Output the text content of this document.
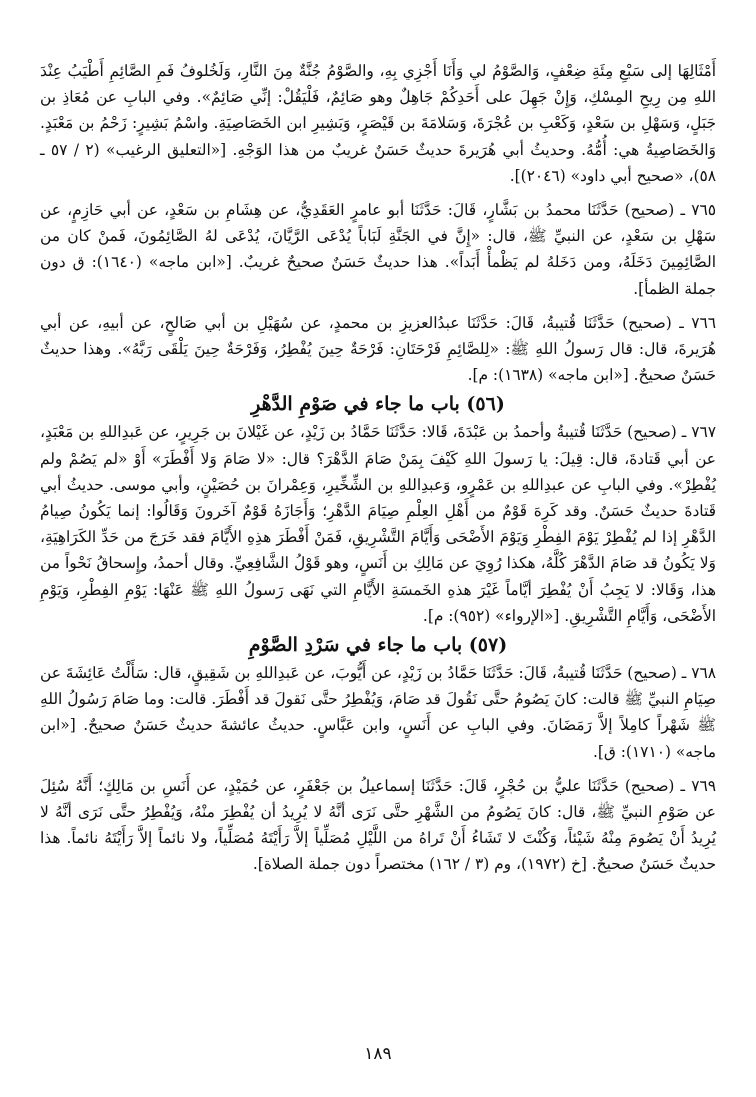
أَمْثَالِهَا إلى سَبْعِ مِئَةِ ضِعْفٍ، وَالصَّوْمُ لي وَأَنَا أَجْزِي بِهِ، والصَّوْمُ جُنَّةٌ مِنَ النَّارِ، وَلَخُلوفُ فَمِ الصَّائِمِ أَطْيَبُ عِنْدَ اللهِ مِن رِيحِ المِسْكِ، وَإِنْ جَهِلَ على أَحَدِكُمْ جَاهِلٌ وهو صَائِمٌ، فَلْيَقُلْ: إنِّي صَائِمٌ». وفي البابِ عن مُعَاذِ بن جَبَلٍ، وَسَهْلِ بن سَعْدٍ، وَكَعْبِ بن عُجْرَةَ، وَسَلامَةَ بن قَيْصَرٍ، وَبَشِيرِ ابن الخَصَاصِيَةِ. واسْمُ بَشِيرٍ: زَحْمُ بن مَعْبَدٍ. وَالخَصَاصِيةُ هي: أُمُّهُ. وحديثُ أبي هُرَيرةَ حديثٌ حَسَنٌ غريبٌ من هذا الوَجْهِ. [«التعليق الرغيب» (٢ / ٥٧ ـ ٥٨)، «صحيح أبي داود» (٢٠٤٦)].

٧٦٥ ـ (صحيح) حَدَّثَنَا محمدُ بن بَشَّارٍ، قَالَ: حَدَّثَنَا أبو عامرٍ العَقَدِيُّ، عن هِشَامِ بن سَعْدٍ، عن أبي حَازِمٍ، عن سَهْلِ بن سَعْدٍ، عن النبيِّ ﷺ، قال: «إِنَّ في الجَنَّةِ لَبَاباً يُدْعَى الرَّيَّانَ، يُدْعَى لهُ الصَّائِمُونَ، فَمنْ كان من الصَّائِمِينَ دَخَلَهُ، ومن دَخَلهُ لم يَظْمأْ أَبَداً». هذا حديثٌ حَسَنٌ صحيحٌ غريبٌ. [«ابن ماجه» (١٦٤٠): ق دون جملة الظمأ].

٧٦٦ ـ (صحيح) حَدَّثَنَا قُتيبةُ، قَالَ: حَدَّثَنَا عبدُالعزيزِ بن محمدٍ، عن سُهَيْلِ بن أبي صَالحٍ، عن أبيهِ، عن أبي هُرَيرةَ، قال: قال رَسولُ اللهِ ﷺ: «لِلصَّائِمِ فَرْحَتَانِ: فَرْحَةٌ حِينَ يُفْطِرُ، وَفَرْحَةٌ حِينَ يَلْقَى رَبَّهُ». وهذا حديثٌ حَسَنٌ صحيحٌ. [«ابن ماجه» (١٦٣٨): م].

(٥٦) باب ما جاء في صَوْمِ الدَّهْرِ

٧٦٧ ـ (صحيح) حَدَّثَنَا قُتيبةُ وأحمدُ بن عَبْدَةَ، قَالا: حَدَّثَنَا حَمَّادُ بن زَيْدٍ، عن غَيْلانَ بن جَرِيرٍ، عن عَبدِاللهِ بن مَعْبَدٍ، عن أبي قَتادةَ، قال: قِيلَ: يا رَسولَ اللهِ كَيْفَ بِمَنْ صَامَ الدَّهْرَ؟ قال: «لا صَامَ وَلا أَفْطَرَ» أَوْ «لم يَصُمْ ولم يُفْطِرْ». وفي البابِ عن عبدِاللهِ بن عَمْرٍو، وَعبدِاللهِ بن الشِّخِّيرِ، وَعِمْرانَ بن حُصَيْنٍ، وأبي موسى. حديثُ أبي قَتادةَ حديثٌ حَسَنٌ. وقد كَرِهَ قَوْمٌ من أَهْلِ العِلْمِ صِيَامَ الدَّهْرِ؛ وَأَجَازَهُ قَوْمٌ آخَرونَ وَقَالُوا: إنما يَكُونُ صِيامُ الدَّهْرِ إذا لم يُفْطِرْ يَوْمَ الفِطْرِ وَيَوْمَ الأَضْحَى وَأَيَّامَ التَّشْرِيقِ، فَمَنْ أَفْطَرَ هذِهِ الأَيَّامَ فقد خَرَجَ من حَدِّ الكَرَاهِيَةِ، وَلا يَكُونُ قد صَامَ الدَّهْرَ كُلَّهُ، هكذا رُوِيَ عن مَالِكِ بن أَنَسٍ، وهو قَوْلُ الشَّافِعِيِّ. وقال أحمدُ، وإِسحاقُ نَحْواً من هذا، وَقَالا: لا يَجِبُ أَنْ يُفْطِرَ أيَّاماً غَيْرَ هذهِ الخَمسَةِ الأَيَّامِ التي نَهَى رَسولُ اللهِ ﷺ عَنْهَا: يَوْمِ الفِطْرِ، وَيَوْمِ الأَضْحَى، وَأَيَّامِ التَّشْرِيقِ. [«الإرواء» (٩٥٢): م].

(٥٧) باب ما جاء في سَرْدِ الصَّوْمِ

٧٦٨ ـ (صحيح) حَدَّثَنَا قُتيبةُ، قَالَ: حَدَّثَنَا حَمَّادُ بن زَيْدٍ، عن أَيُّوبَ، عن عَبدِاللهِ بن شَقِيقٍ، قال: سَأَلْتُ عَائِشَةَ عن صِيَامِ النبيِّ ﷺ قالت: كانَ يَصُومُ حتَّى نَقُولَ قد صَامَ، وَيُفْطِرُ حتَّى نَقولَ قد أَفْطَرَ. قالت: وما صَامَ رَسُولُ اللهِ ﷺ شَهْراً كامِلاً إلاَّ رَمَضَانَ. وفي البابِ عن أَنَسٍ، وابن عَبَّاسٍ. حديثُ عائشةَ حديثٌ حَسَنٌ صحيحٌ. [«ابن ماجه» (١٧١٠): ق].

٧٦٩ ـ (صحيح) حَدَّثَنَا عليُّ بن حُجْرٍ، قَالَ: حَدَّثَنَا إسماعيلُ بن جَعْفَرٍ، عن حُمَيْدٍ، عن أَنَسِ بن مَالِكٍ؛ أَنَّهُ سُئِلَ عن صَوْمِ النبيِّ ﷺ، قال: كانَ يَصُومُ من الشَّهْرِ حتَّى نَرَى أنَّهُ لا يُرِيدُ أن يُفْطِرَ منْهُ، وَيُفْطِرُ حتَّى نَرَى أنَّهُ لا يُرِيدُ أَنْ يَصُومَ مِنْهُ شَيْئاً، وَكُنْتَ لا تَشَاءُ أَنْ تَراهُ من اللَّيْلِ مُصَلِّياً إلاَّ رَأَيْتَهُ مُصَلِّياً، ولا نائماً إلاَّ رَأَيْتَهُ نائماً. هذا حديثٌ حَسَنٌ صحيحٌ. [خ (١٩٧٢)، وم (٣ / ١٦٢) مختصراً دون جملة الصلاة].

١٨٩
